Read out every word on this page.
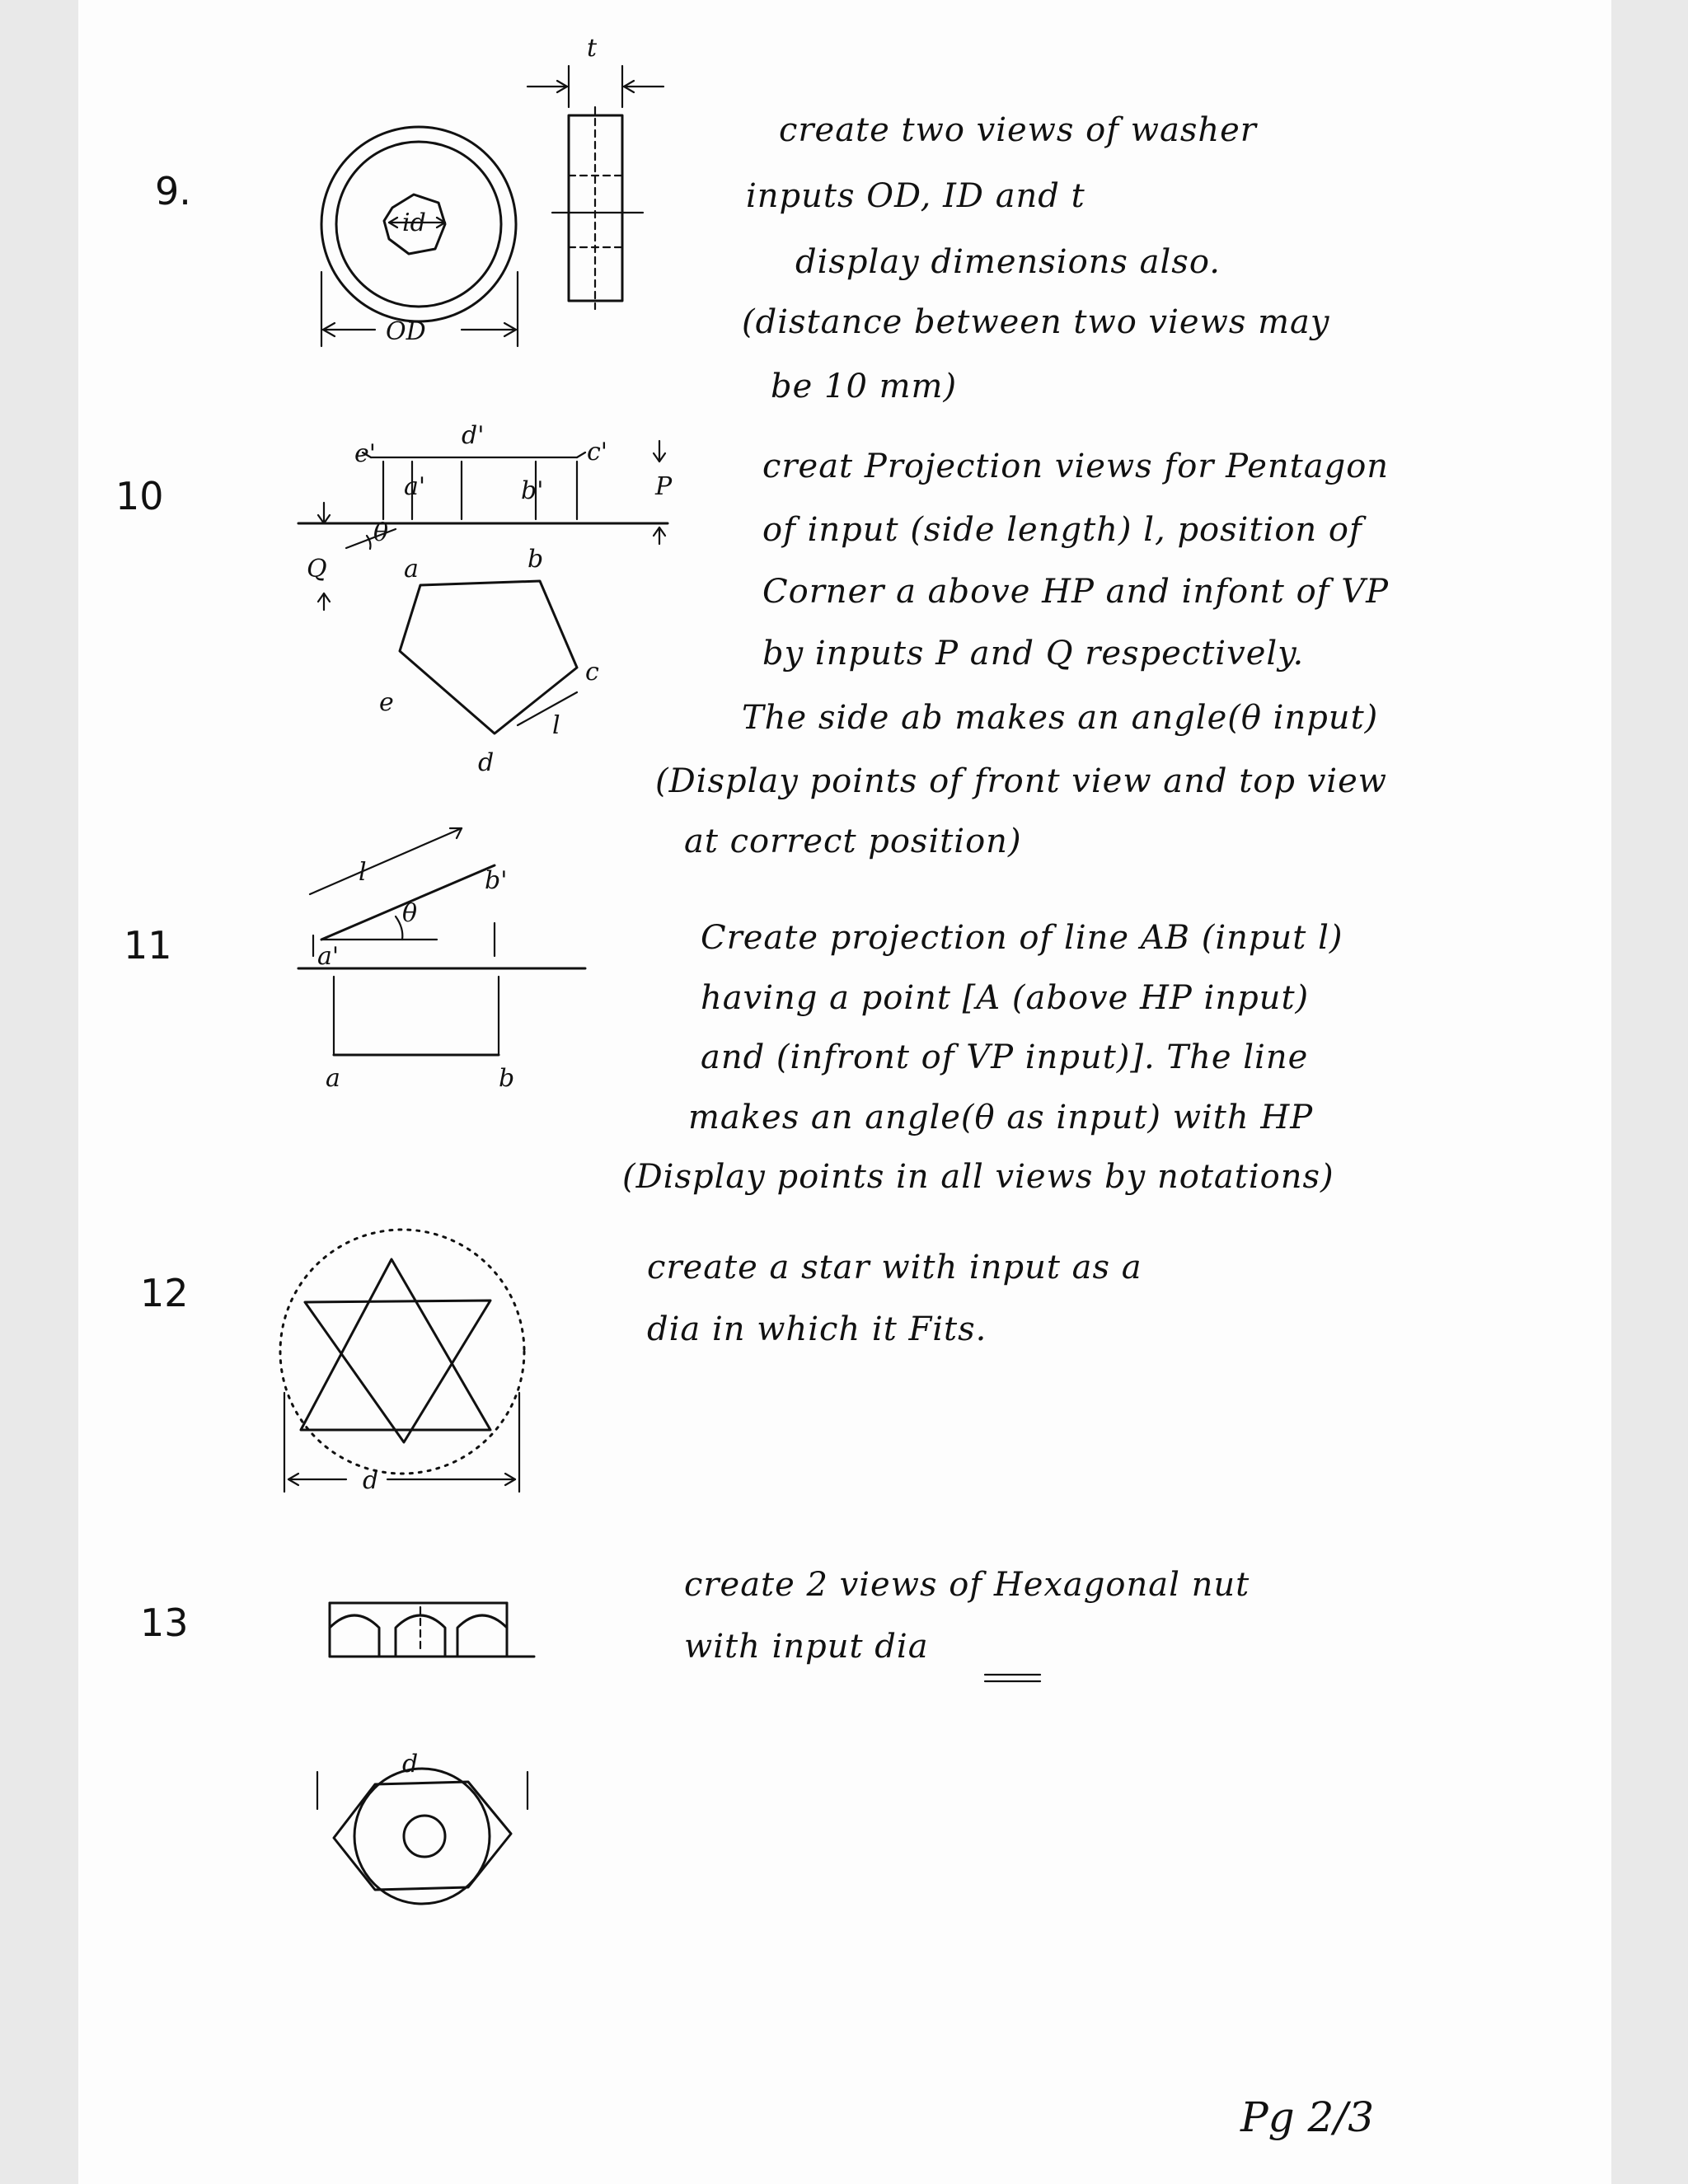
9.
10
11
12
13
create two views of washer
inputs OD, ID and t
display dimensions also.
(distance between two views may
be 10 mm)
creat Projection views for Pentagon
of input (side length) l, position of
Corner a above HP and infont of VP
by inputs P and Q respectively.
The side ab makes an angle(θ input)
(Display points of front view and top view
at correct position)
Create projection of line AB (input l)
having a point [A (above HP input)
and (infront of VP input)]. The line
makes an angle(θ as input) with HP
(Display points in all views by notations)
create a star with input as a
dia in which it Fits.
create 2 views of Hexagonal nut
with input dia
Pg 2/3
id
OD
t
e'
d'
c'
a'	b'	P
Q
θ
a	b
c
d
e
l
θ
l
a'
b'
a	b
d
d
